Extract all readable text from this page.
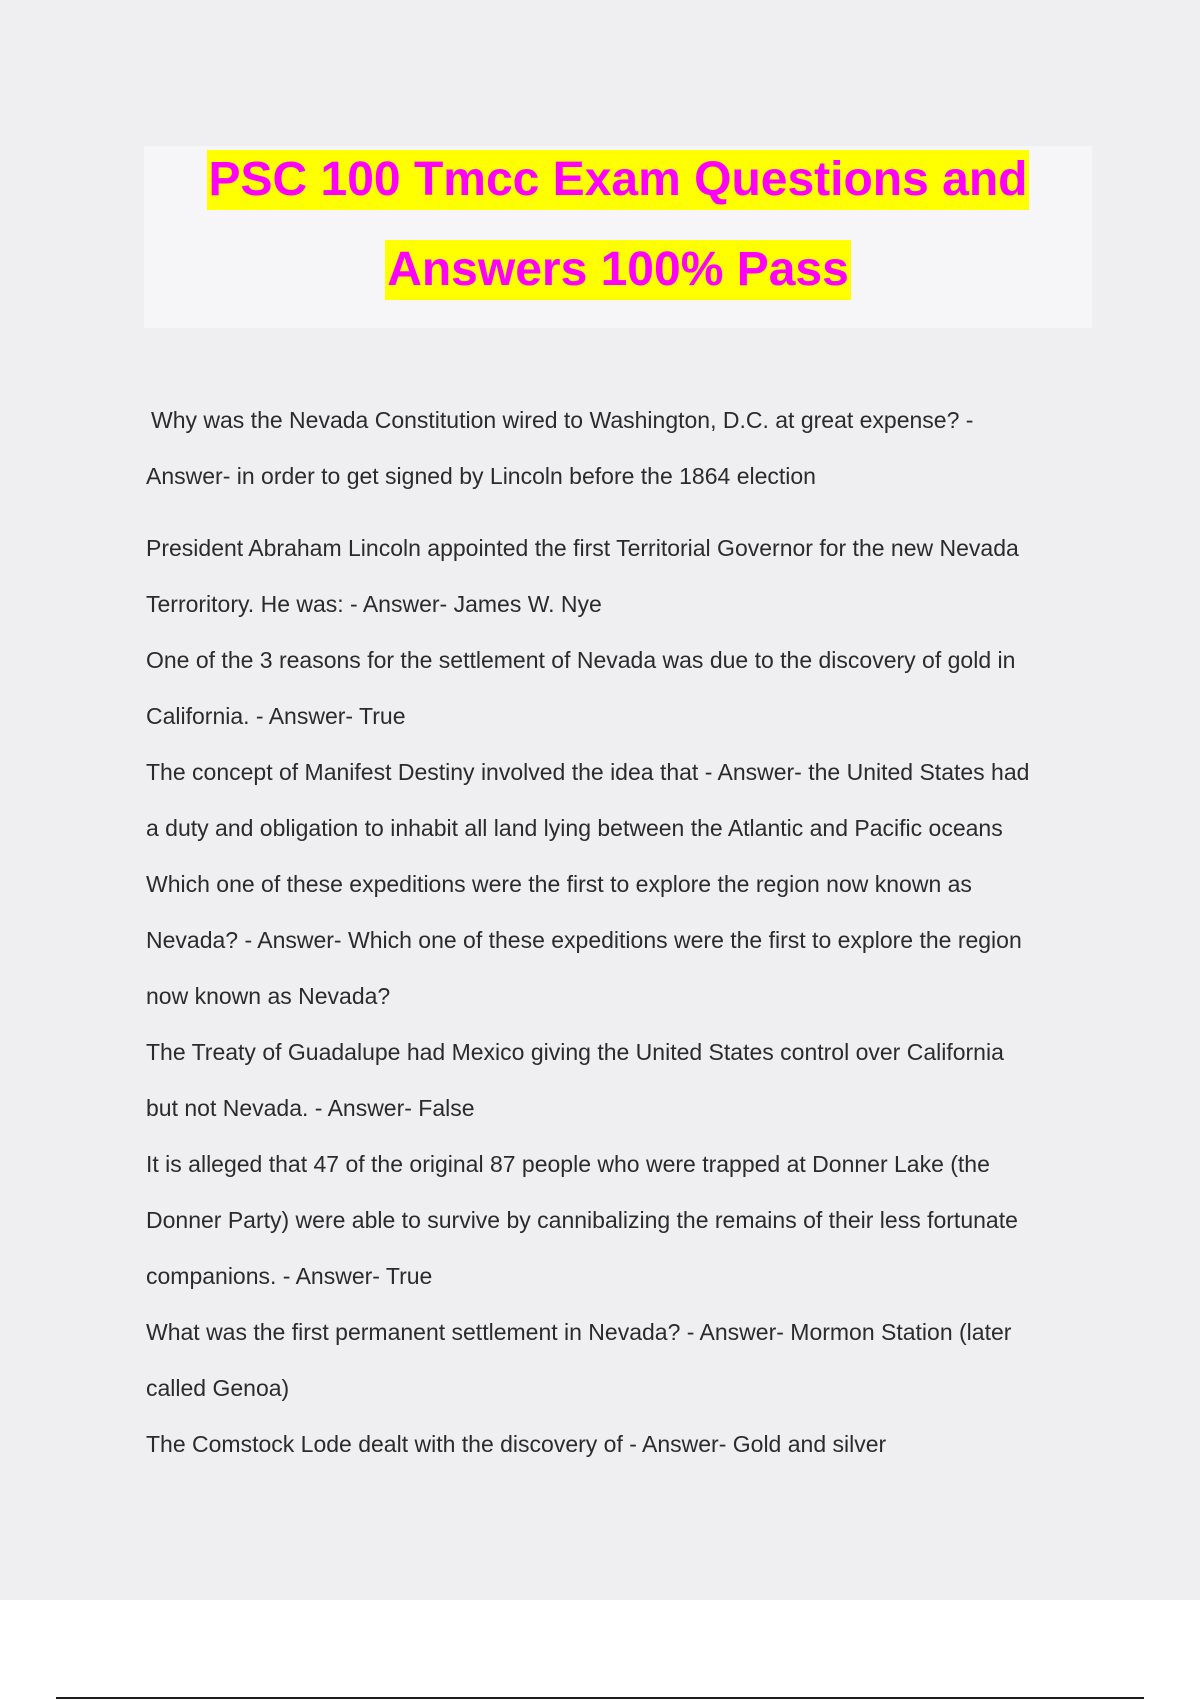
PSC 100 Tmcc Exam Questions and
Answers 100% Pass
Why was the Nevada Constitution wired to Washington, D.C. at great expense? -
Answer- in order to get signed by Lincoln before the 1864 election
President Abraham Lincoln appointed the first Territorial Governor for the new Nevada
Terroritory. He was: - Answer- James W. Nye
One of the 3 reasons for the settlement of Nevada was due to the discovery of gold in
California. - Answer- True
The concept of Manifest Destiny involved the idea that - Answer- the United States had
a duty and obligation to inhabit all land lying between the Atlantic and Pacific oceans
Which one of these expeditions were the first to explore the region now known as
Nevada? - Answer- Which one of these expeditions were the first to explore the region
now known as Nevada?
The Treaty of Guadalupe had Mexico giving the United States control over California
but not Nevada. - Answer- False
It is alleged that 47 of the original 87 people who were trapped at Donner Lake (the
Donner Party) were able to survive by cannibalizing the remains of their less fortunate
companions. - Answer- True
What was the first permanent settlement in Nevada? - Answer- Mormon Station (later
called Genoa)
The Comstock Lode dealt with the discovery of - Answer- Gold and silver
